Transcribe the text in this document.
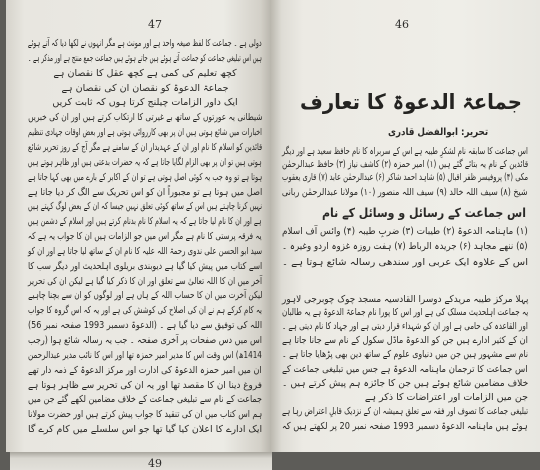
47
دولی ہے ۔ جماعت کا لفظ صیغہ واحد ہے اور مونث ہے مگر انہوں نے لکھا دیا کہ آتے ہوئے
ہیں اس تبلیغی جماعت کو جماعت آتے ہوئے ہیں جاتے ہوئے ہیں جماعت جمع منتج ہے اور مذکر ہے ۔
کچھ تعلیم کی کمی ہے کچھ عقل کا نقصان ہے
جماعۃ الدعوۃ کو نقصان ان کی نقصان ہے
ایک داور الزامات چیلنج کرتا ہوں کہ ثابت کریں
شیطانی یہ عورتوں کے ساتھ بے غیرتی کا ارتکاب کرتے ہیں اور ان کی خبریں
اخبارات میں شائع ہوتی ہیں ان پر بھی کارروائی ہوتی ہے اور بعض اوقات جہادی تنظیم
قائدین کو اسلام کا نام اور ان کے عہدیدار ان کے سامنے ہے مگر آج کے روز تحریر شائع
ہوتی ہیں تو ان پر بھی الزام لگایا جاتا ہے کہ یہ حضرات بدعتی ہیں اور ظاہر ہوتے ہیں
ہوتا ہے تو وہ جب یہ کوئی اصل ہوتی ہے تو ان کے اکابر کے بارے میں بھی کہا جاتا ہے
اصل میں ہوتا ہے تو مجبوراً ان کو اس تحریک سے الگ کر دیا جاتا ہے
نہیں کرنا چاہتے ہیں اس کے ساتھ کوئی تعلق نہیں جیسا کہ ان کے بعض لوگ کہتے ہیں
ہے اور ان کا نام لیا جاتا ہے کہ یہ اسلام کا نام بدنام کرتے ہیں اور اسلام کے دشمن ہیں
یہ فرقہ پرستی کا نام ہے مگر اس میں جو الزامات ہیں ان کا جواب یہ ہے کہ
سید ابو الحسن علی ندوی رحمۃ اللہ علیہ کا نام ان کے ساتھ لیا جاتا ہے اور ان کو
اسے کتاب میں پیش کیا گیا ہے دیوبندی بریلوی اہلحدیث اور دیگر سب کا
آخر میں ان کا اللہ تعالیٰ سے تعلق اور ان کا ذکر کیا گیا ہے لیکن ان کی تحریر
لیکن آخرت میں ان کا حساب اللہ کے ہاں ہے اور لوگوں کو ان سے بچنا چاہیے
یہ کام کرکے ہم نے ان کی اصلاح کی کوشش کی ہے اور یہ کہ اس گروہ کا جواب
اللہ کی توفیق سے دیا گیا ہے ۔ (الدعوۃ دسمبر 1993 صفحہ نمبر 56)
اس میں دس صفحات پر آخری صفحہ ۔ جب یہ رسالہ شائع ہوا (رجب
1414ھ) اس وقت اس کا مدیر امیر حمزہ تھا اور اس کا نائب مدیر عبدالرحمن
ان میں امیر حمزہ الدعوۃ کی ادارت اور مرکز الدعوۃ کے ذمہ دار تھے
فروغ دینا ان کا مقصد تھا اور یہ ان کی تحریر سے ظاہر ہوتا ہے
جماعت کے نام سے تبلیغی جماعت کے خلاف مضامین لکھے گئے جن میں
ہم اس کتاب میں ان کی تنقید کا جواب پیش کرتے ہیں اور حضرت مولانا
ایک ادارے کا اعلان کیا گیا تھا جو اس سلسلے میں کام کرے گا
46
جماعۃ الدعوۃ کا تعارف
تحریر: ابوالفضل قادری
اس جماعت کے رسائل و وسائل کے نام
اس جماعت کا سابقہ نام لشکرِ طیبہ ہے اس کے سربراہ کا نام حافظ سعید ہے اور دیگر
قائدین کے نام یہ بتائے گئے ہیں (۱) امیر حمزہ (۲) کاشف نیاز (۳) حافظ عبدالرحمٰن
مکی (۴) پروفیسر ظفر اقبال (۵) شاہد احمد شاکر (۶) عبدالرحمٰن عابد (۷) قاری یعقوب
شیخ (۸) سیف اللہ خالد (۹) سیف اللہ منصور (۱۰) مولانا عبدالرحمٰن ربانی
(۱) ماہنامہ الدعوۃ (۲) طیبات (۳) ضربِ طیبہ (۴) وائس آف اسلام
(۵) ننھے مجاہد (۶) جریدہ الرباط (۷) ہفت روزہ غزوہ اردو وغیرہ ۔
اس کے علاوہ ایک عربی اور سندھی رسالہ شائع ہوتا ہے ۔
پہلا مرکز طیبہ مریدکے دوسرا القادسیہ مسجد چوک چوبرجی لاہور
یہ جماعت اہلحدیث مسلک کی ہے اور اس کا پورا نام جماعۃ الدعوۃ ہے یہ طالبان
اور القاعدہ کی حامی ہے اور ان کو شہداء قرار دیتی ہے اور جہاد کا نام دیتی ہے ۔
ان کے کثیر ادارے ہیں جن کو الدعوۃ ماڈل سکول کے نام سے جانا جاتا ہے
نام سے مشہور ہیں جن میں دنیاوی علوم کے ساتھ دین بھی پڑھایا جاتا ہے ۔
اس جماعت کا ترجمان ماہنامہ الدعوۃ ہے جس میں تبلیغی جماعت کے
خلاف مضامین شائع ہوئے ہیں جن کا جائزہ ہم پیش کرتے ہیں ۔
جن میں الزامات اور اعتراضات کا ذکر ہے
تبلیغی جماعت کا تصوف اور فقہ سے تعلق ہمیشہ ان کے نزدیک قابلِ اعتراض رہا ہے
ہوئے ہیں ماہنامہ الدعوۃ دسمبر 1993 صفحہ نمبر 20 پر لکھتے ہیں کہ
49
